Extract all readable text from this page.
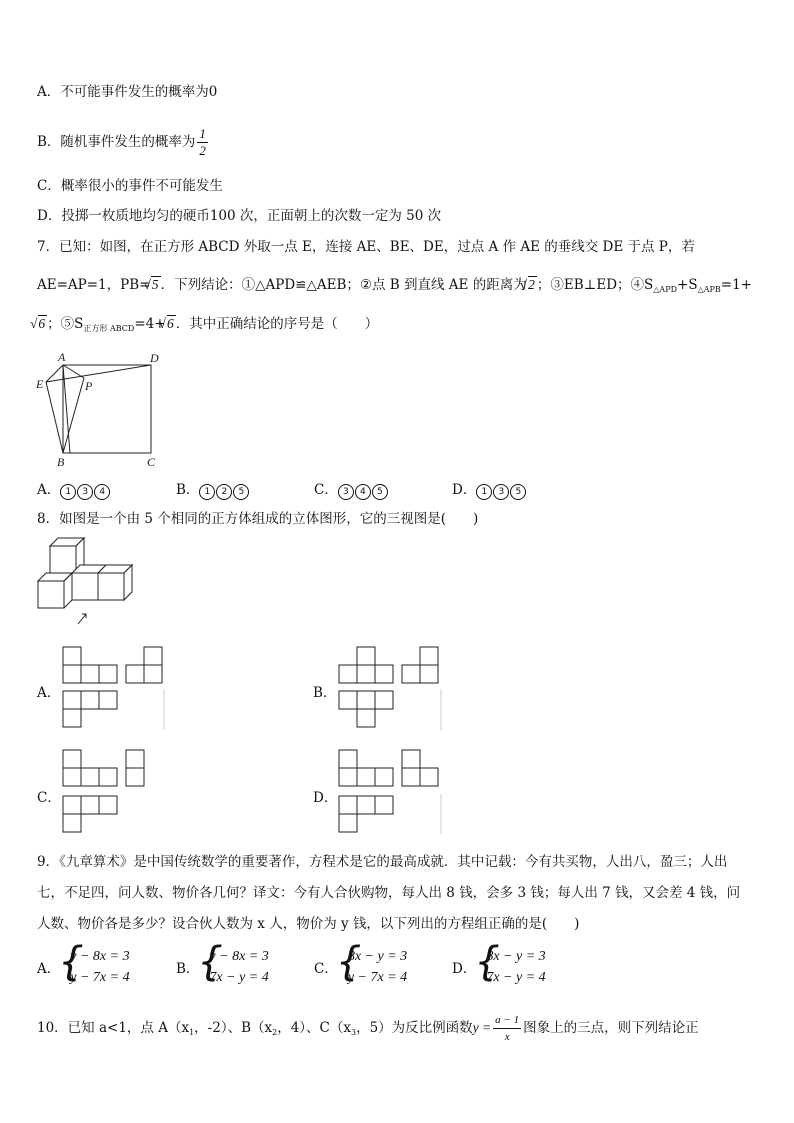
A．不可能事件发生的概率为0
B．随机事件发生的概率为 $\frac{1}{2}$
C．概率很小的事件不可能发生
D．投掷一枚质地均匀的硬币100 次，正面朝上的次数一定为 50 次
7．已知：如图，在正方形 ABCD 外取一点 E，连接 AE、BE、DE，过点 A 作 AE 的垂线交 DE 于点 P，若
AE=AP=1，PB=√ 5 ．下列结论：①△APD≌△AEB；②点 B 到直线 AE 的距离为√ 2 ；③EB⊥ED；$④S_{\triangle APD}+S_{\triangle APB}=1+$
√ 6 ；$⑤S_{正方形 ABCD}=4+√$ 6 ．其中正确结论的序号是（　　）
A	D
E	P
B	C
A． 1 3 4	B． 1 2 5	C． 3 4 5	D． 1 3 5
8．如图是一个由 5 个相同的正方体组成的立体图形，它的三视图是(　　)
A．	B．
C．	D．
9．《九章算术》是中国传统数学的重要著作，方程术是它的最高成就．其中记载：今有共买物，人出八，盈三；人出
七，不足四，问人数、物价各几何？译文：今有人合伙购物，每人出 8 钱，会多 3 钱；每人出 7 钱，又会差 4 钱，问
人数、物价各是多少？设合伙人数为 x 人，物价为 y 钱，以下列出的方程组正确的是(　　)
A．
{ y − 8x = 3
y − 7x = 4
B．
{ y − 8x = 3
7x − y = 4
C．
{ 8x − y = 3
y − 7x = 4
D．
{ 8x − y = 3
7x − y = 4
10．已知 a<1，点 $A(x_1$，-2）、$B(x_2$，4）、$C(x_3$，5）为反比例函数$y = \frac{a - 1}{x}$ 图象上的三点，则下列结论正
